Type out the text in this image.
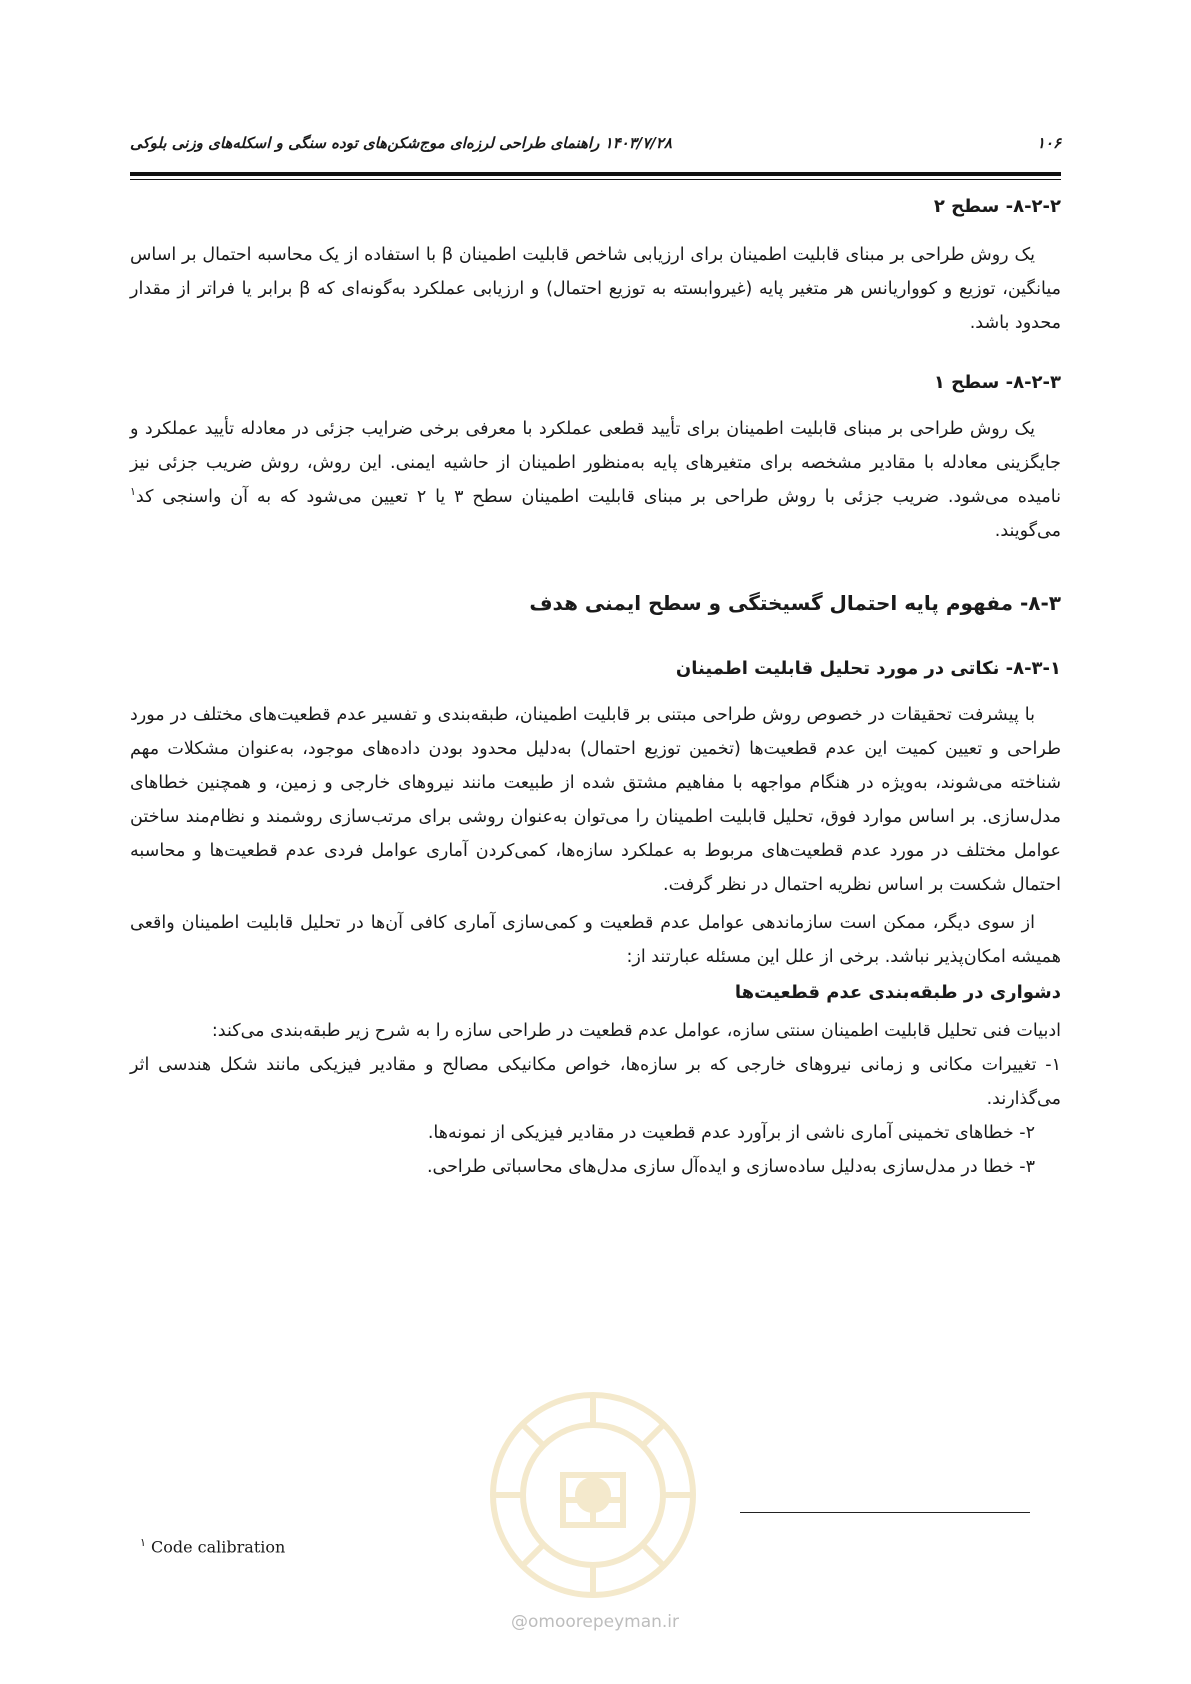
۱۴۰۳/۷/۲۸ راهنمای طراحی لرزه‌ای موج‌شکن‌های توده سنگی و اسکله‌های وزنی بلوکی	۱۰۶

۸-۲-۲- سطح ۲

یک روش طراحی بر مبنای قابلیت اطمینان برای ارزیابی شاخص قابلیت اطمینان β با استفاده از یک محاسبه احتمال بر اساس میانگین، توزیع و کوواریانس هر متغیر پایه (غیروابسته به توزیع احتمال) و ارزیابی عملکرد به‌گونه‌ای که β برابر یا فراتر از مقدار محدود باشد.

۸-۲-۳- سطح ۱

یک روش طراحی بر مبنای قابلیت اطمینان برای تأیید قطعی عملکرد با معرفی برخی ضرایب جزئی در معادله تأیید عملکرد و جایگزینی معادله با مقادیر مشخصه برای متغیرهای پایه به‌منظور اطمینان از حاشیه ایمنی. این روش، روش ضریب جزئی نیز نامیده می‌شود. ضریب جزئی با روش طراحی بر مبنای قابلیت اطمینان سطح ۳ یا ۲ تعیین می‌شود که به آن واسنجی کد$^۱$ می‌گویند.

۸-۳- مفهوم پایه احتمال گسیختگی و سطح ایمنی هدف

۸-۳-۱- نکاتی در مورد تحلیل قابلیت اطمینان

با پیشرفت تحقیقات در خصوص روش طراحی مبتنی بر قابلیت اطمینان، طبقه‌بندی و تفسیر عدم قطعیت‌های مختلف در مورد طراحی و تعیین کمیت این عدم قطعیت‌ها (تخمین توزیع احتمال) به‌دلیل محدود بودن داده‌های موجود، به‌عنوان مشکلات مهم شناخته می‌شوند، به‌ویژه در هنگام مواجهه با مفاهیم مشتق شده از طبیعت مانند نیروهای خارجی و زمین، و همچنین خطاهای مدل‌سازی. بر اساس موارد فوق، تحلیل قابلیت اطمینان را می‌توان به‌عنوان روشی برای مرتب‌سازی روشمند و نظام‌مند ساختن عوامل مختلف در مورد عدم قطعیت‌های مربوط به عملکرد سازه‌ها، کمی‌کردن آماری عوامل فردی عدم قطعیت‌ها و محاسبه احتمال شکست بر اساس نظریه احتمال در نظر گرفت.

از سوی دیگر، ممکن است سازماندهی عوامل عدم قطعیت و کمی‌سازی آماری کافی آن‌ها در تحلیل قابلیت اطمینان واقعی همیشه امکان‌پذیر نباشد. برخی از علل این مسئله عبارتند از:

دشواری در طبقه‌بندی عدم قطعیت‌ها

ادبیات فنی تحلیل قابلیت اطمینان سنتی سازه، عوامل عدم قطعیت در طراحی سازه را به شرح زیر طبقه‌بندی می‌کند:

۱- تغییرات مکانی و زمانی نیروهای خارجی که بر سازه‌ها، خواص مکانیکی مصالح و مقادیر فیزیکی مانند شکل هندسی اثر می‌گذارند.

۲- خطاهای تخمینی آماری ناشی از برآورد عدم قطعیت در مقادیر فیزیکی از نمونه‌ها.

۳- خطا در مدل‌سازی به‌دلیل ساده‌سازی و ایده‌آل سازی مدل‌های محاسباتی طراحی.

$^۱$ Code calibration
@omoorepeyman.ir
